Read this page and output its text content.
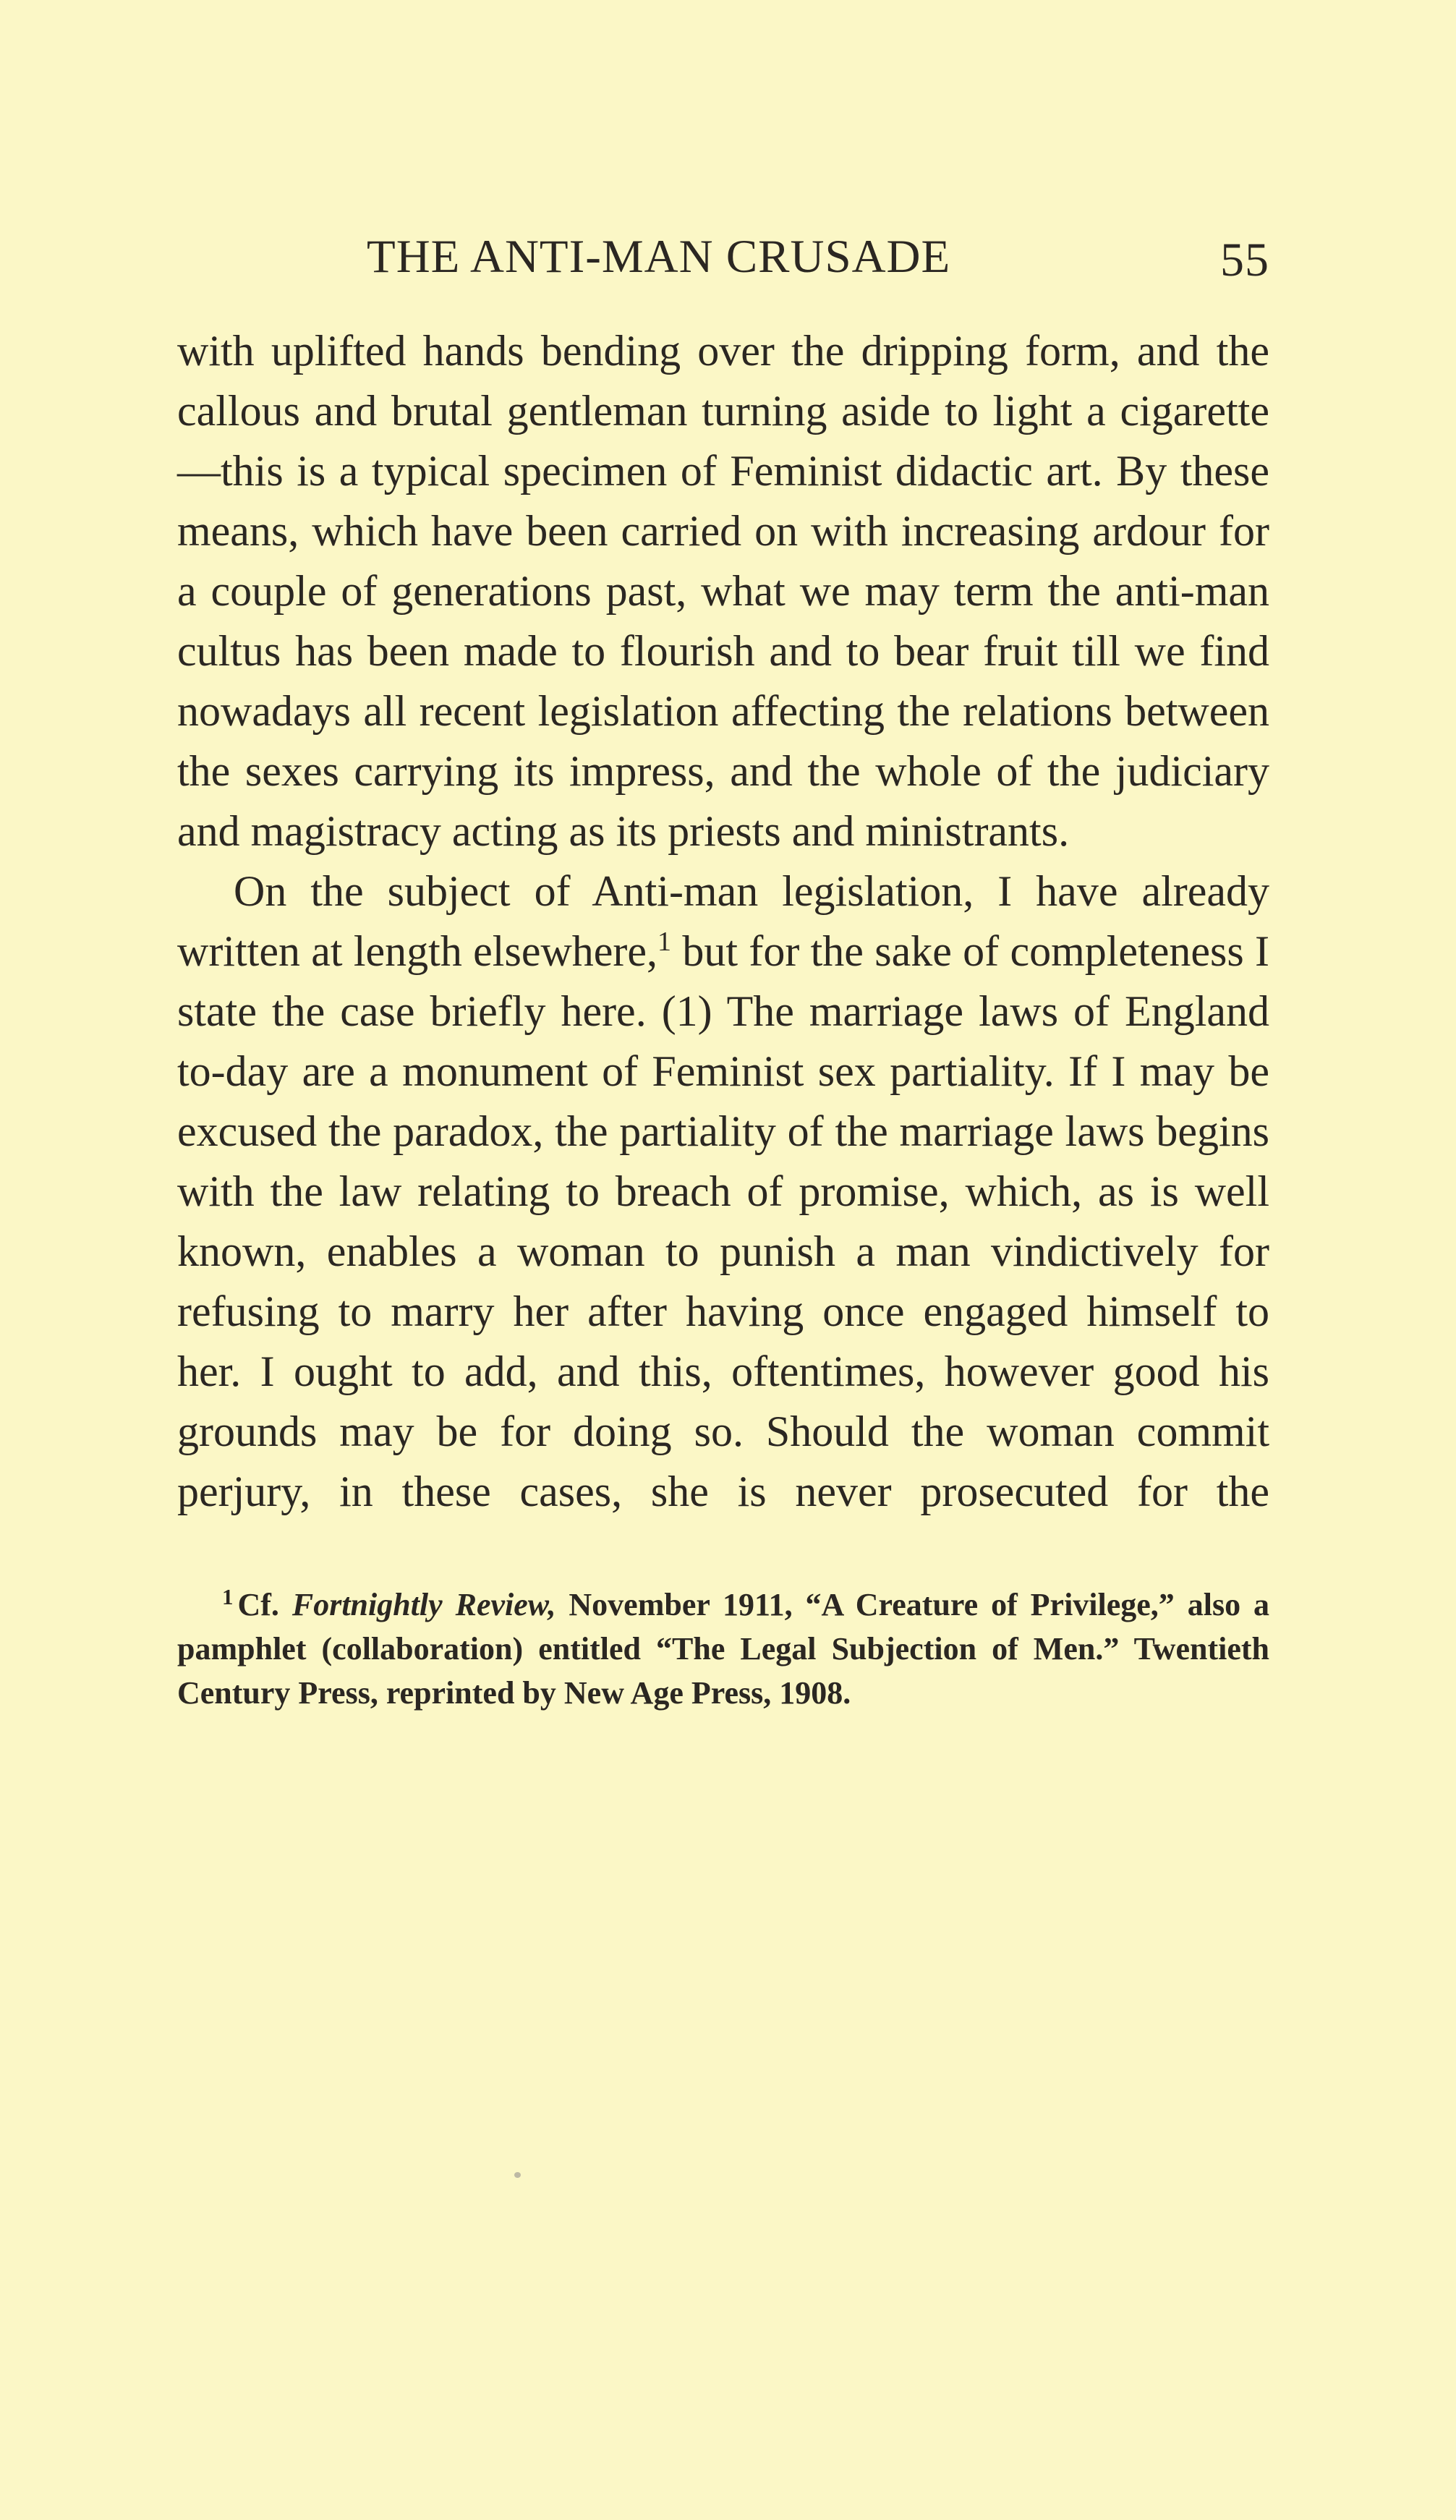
THE ANTI-MAN CRUSADE	55

with uplifted hands bending over the dripping form, and the callous and brutal gentleman turning aside to light a cigarette—this is a typical specimen of Feminist didactic art. By these means, which have been carried on with increasing ardour for a couple of generations past, what we may term the anti-man cultus has been made to flourish and to bear fruit till we find nowadays all recent legislation affecting the relations between the sexes carrying its impress, and the whole of the judiciary and magistracy acting as its priests and ministrants.

On the subject of Anti-man legislation, I have already written at length elsewhere,$^1$ but for the sake of completeness I state the case briefly here. (1) The marriage laws of England to-day are a monument of Feminist sex partiality. If I may be excused the paradox, the partiality of the marriage laws begins with the law relating to breach of promise, which, as is well known, enables a woman to punish a man vindictively for refusing to marry her after having once engaged himself to her. I ought to add, and this, oftentimes, however good his grounds may be for doing so. Should the woman commit perjury, in these cases, she is never prosecuted for the

$^1$ Cf. Fortnightly Review, November 1911, “A Creature of Privilege,” also a pamphlet (collaboration) entitled “The Legal Subjection of Men.” Twentieth Century Press, reprinted by New Age Press, 1908.
